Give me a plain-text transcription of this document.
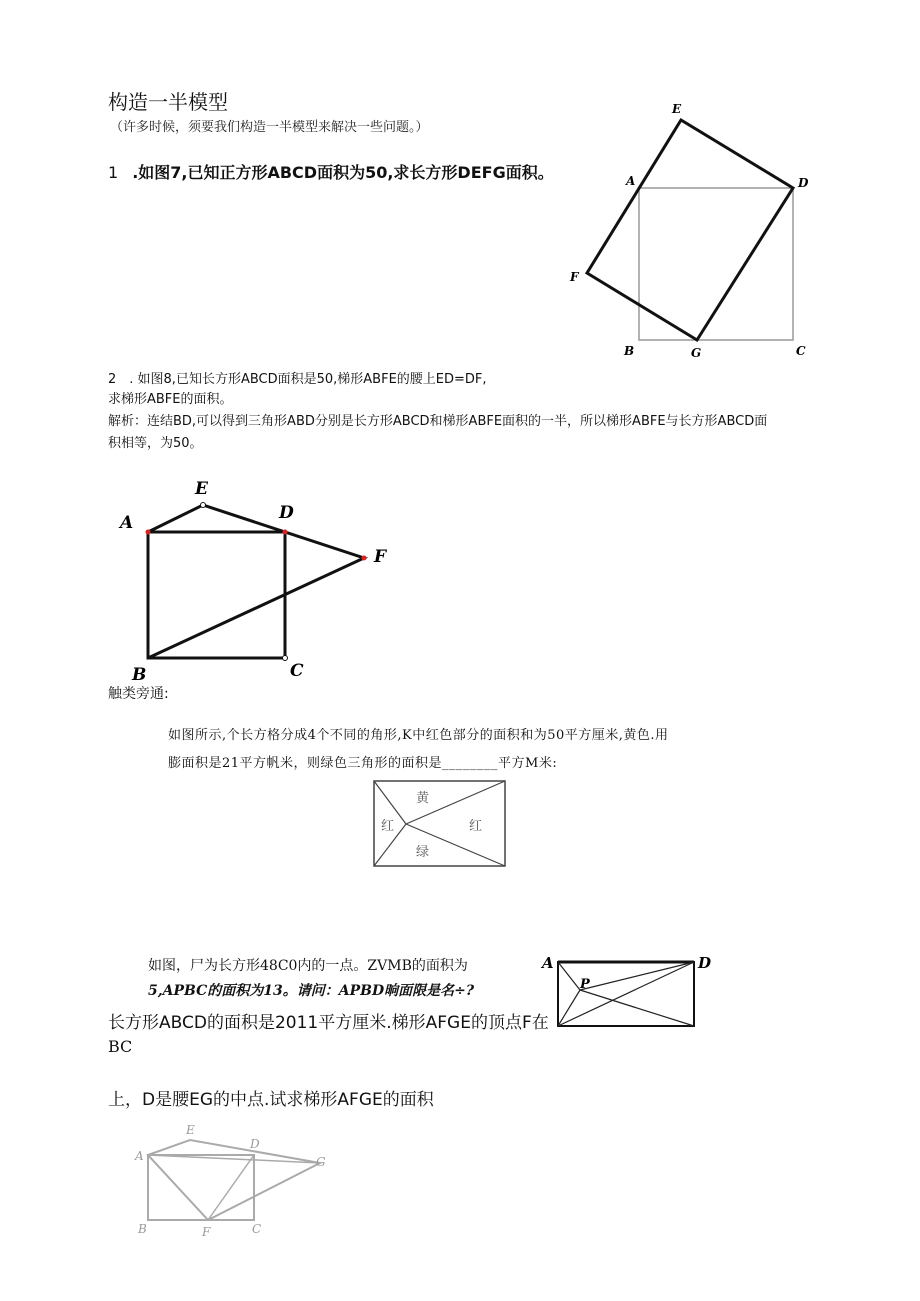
构造一半模型
（许多时候，须要我们构造一半模型来解决一些问题。）
1 .如图7,已知正方形ABCD面积为50,求长方形DEFG面积。
E
A	D
F
B	G	C
2　. 如图8,已知长方形ABCD面积是50,梯形ABFE的腰上ED=DF,
求梯形ABFE的面积。
解析：连结BD,可以得到三角形ABD分别是长方形ABCD和梯形ABFE面积的一半，所以梯形ABFE与长方形ABCD面
积相等，为50。
E
A	D
F
B	C
触类旁通:
如图所示,个长方格分成4个不同的角形,K中红色部分的面积和为50平方厘米,黄色.用
膨面积是21平方帆米，则绿色三角形的面积是________平方M米:
黄
红	红
绿
如图，尸为长方形48C0内的一点。ZVMB的面积为
5,APBC的面积为13。请问：APBD晌面限是名÷?
A	D
P
长方形ABCD的面积是2011平方厘米.梯形AFGE的顶点F在
BC
上，D是腰EG的中点.试求梯形AFGE的面积
E
A
D
G
B	F	C
